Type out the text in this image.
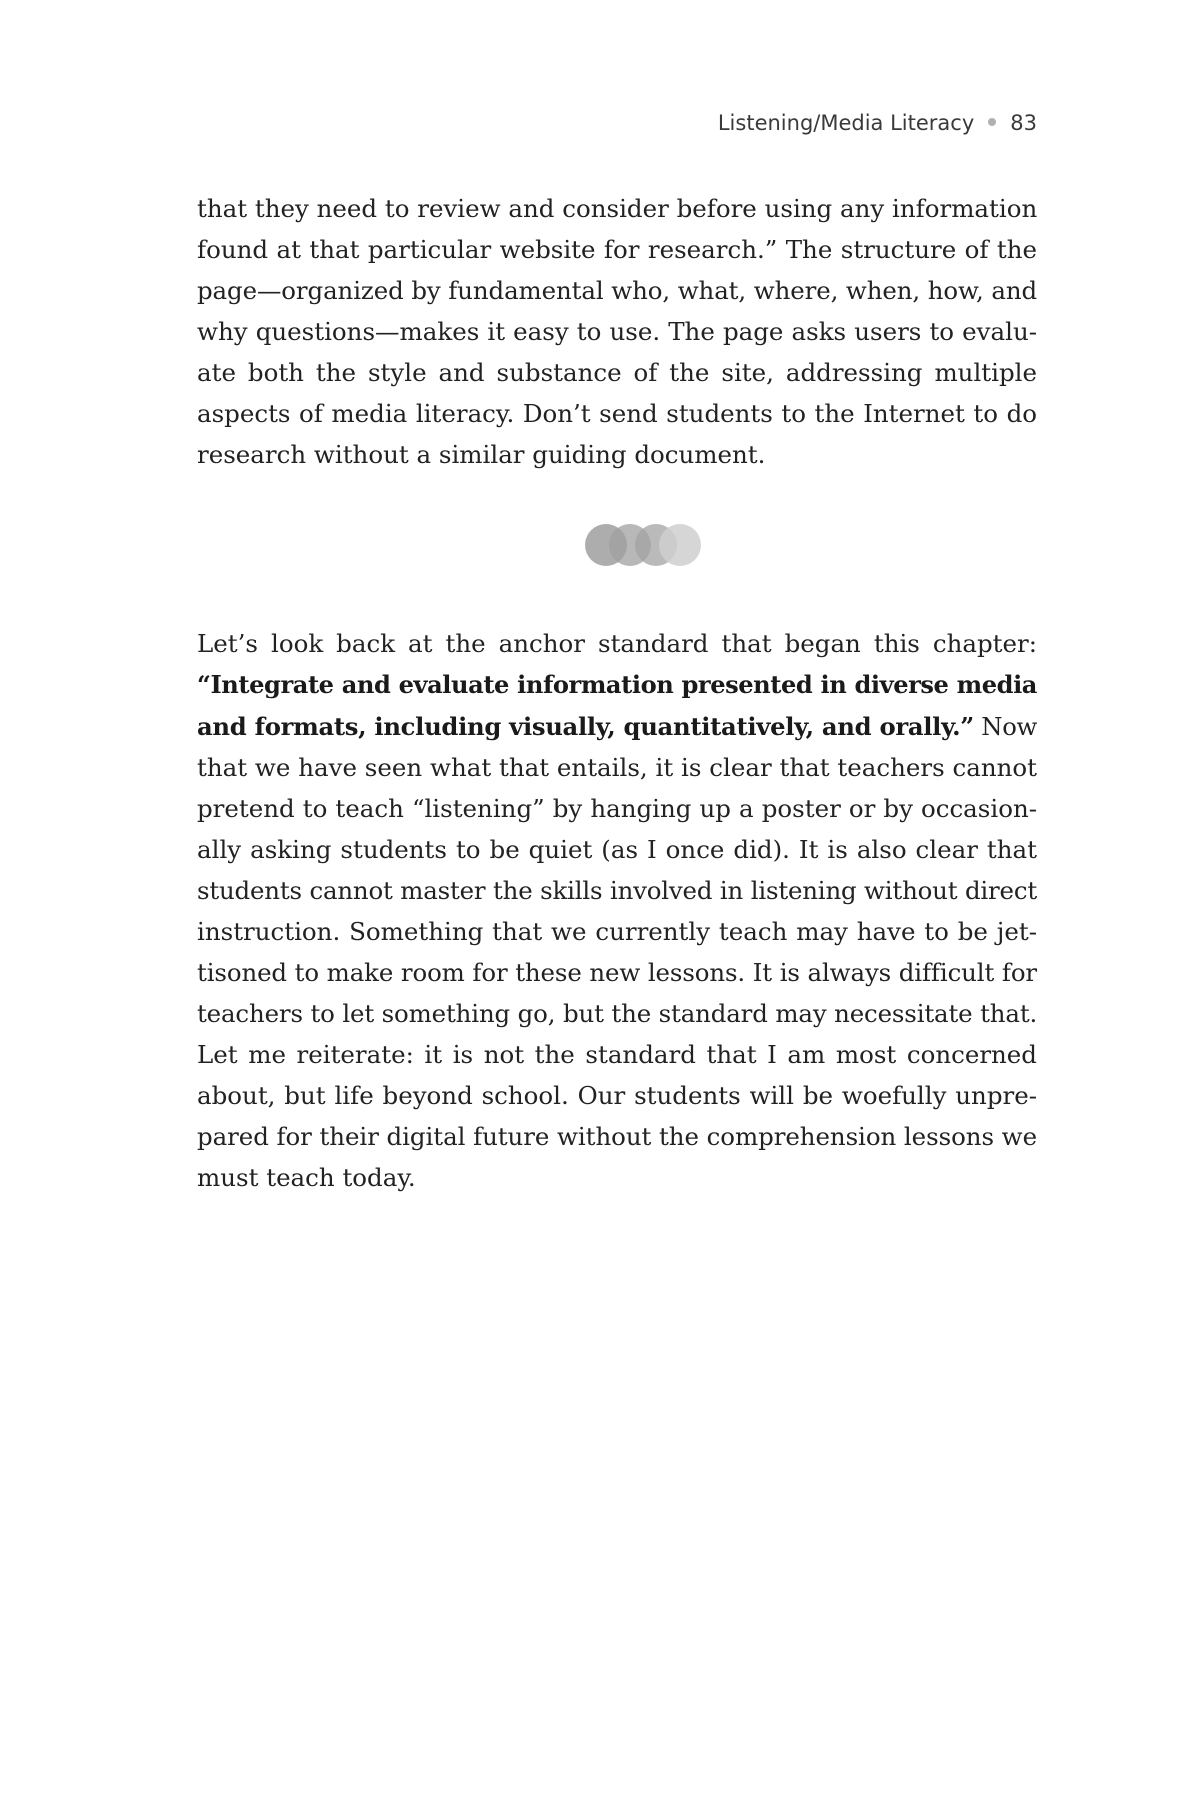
Listening/Media Literacy 83
that they need to review and consider before using any information
found at that particular website for research.” The structure of the
page—organized by fundamental who, what, where, when, how, and
why questions—makes it easy to use. The page asks users to evalu-
ate both the style and substance of the site, addressing multiple
aspects of media literacy. Don’t send students to the Internet to do
research without a similar guiding document.
Let’s look back at the anchor standard that began this chapter:
“Integrate and evaluate information presented in diverse media
and formats, including visually, quantitatively, and orally.” Now
that we have seen what that entails, it is clear that teachers cannot
pretend to teach “listening” by hanging up a poster or by occasion-
ally asking students to be quiet (as I once did). It is also clear that
students cannot master the skills involved in listening without direct
instruction. Something that we currently teach may have to be jet-
tisoned to make room for these new lessons. It is always difficult for
teachers to let something go, but the standard may necessitate that.
Let me reiterate: it is not the standard that I am most concerned
about, but life beyond school. Our students will be woefully unpre-
pared for their digital future without the comprehension lessons we
must teach today.
